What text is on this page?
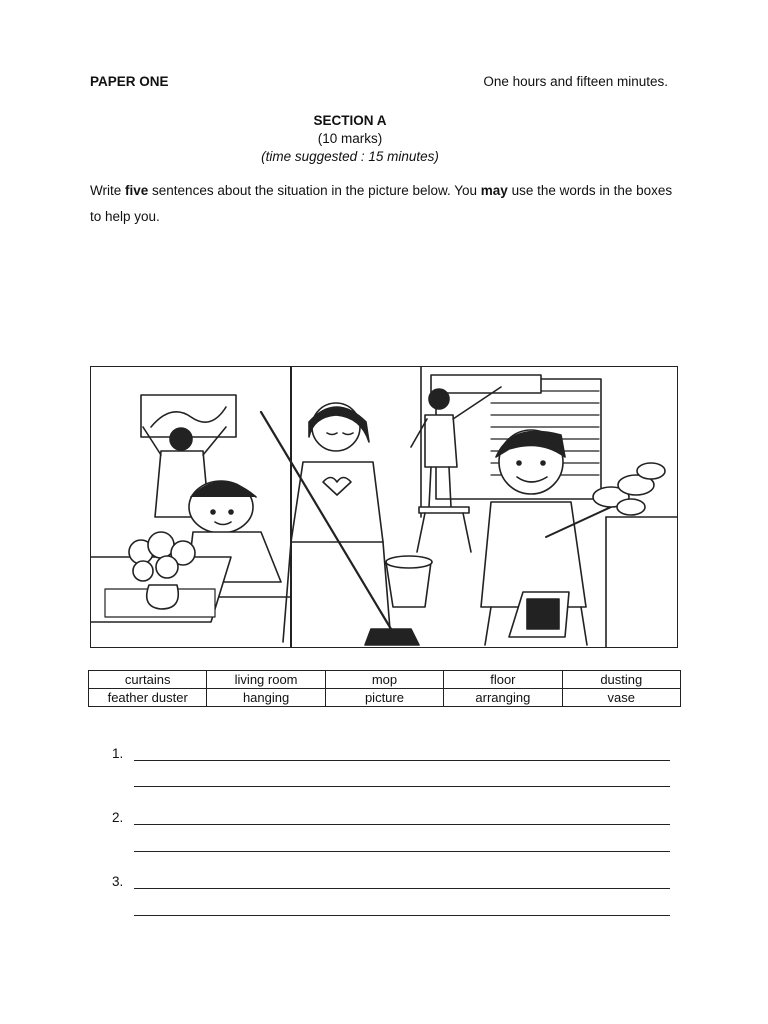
PAPER ONE	One hours and fifteen minutes.
SECTION A
(10 marks)
(time suggested : 15 minutes)
Write five sentences about the situation in the picture below. You may use the words in the boxes to help you.
curtains	living room	mop	floor	dusting
feather duster	hanging	picture	arranging	vase
1.
2.
3.
